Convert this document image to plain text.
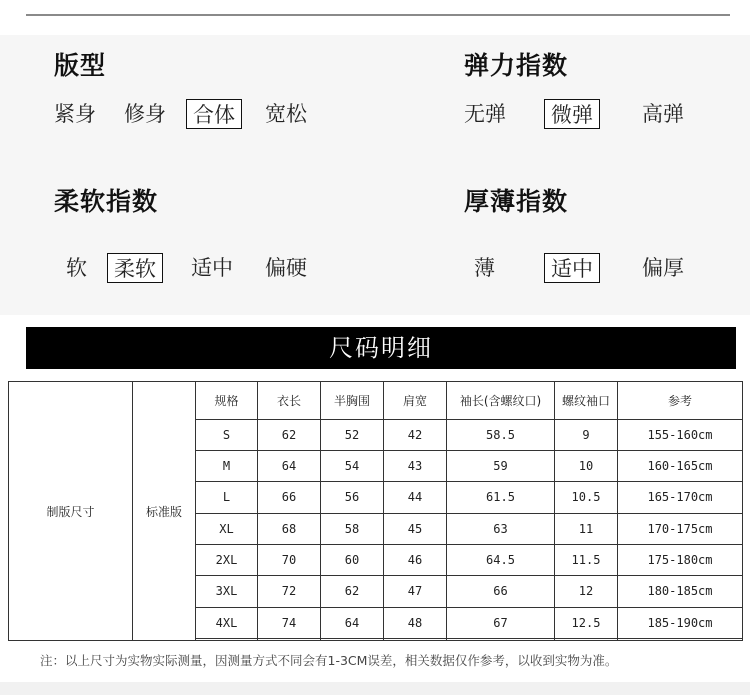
版型
紧身 修身	合体	宽松
弹力指数
无弹	微弹	高弹
柔软指数
软	柔软	适中 偏硬
厚薄指数
薄	适中	偏厚
尺码明细
制版尺寸	标准版	规格	衣长	半胸围	肩宽	袖长(含螺纹口)	螺纹袖口	参考
		S	62	52	42	58.5	9	155-160cm
		M	64	54	43	59	10	160-165cm
		L	66	56	44	61.5	10.5	165-170cm
		XL	68	58	45	63	11	170-175cm
		2XL	70	60	46	64.5	11.5	175-180cm
		3XL	72	62	47	66	12	180-185cm
		4XL	74	64	48	67	12.5	185-190cm

注：以上尺寸为实物实际测量，因测量方式不同会有1-3CM误差，相关数据仅作参考，以收到实物为准。
